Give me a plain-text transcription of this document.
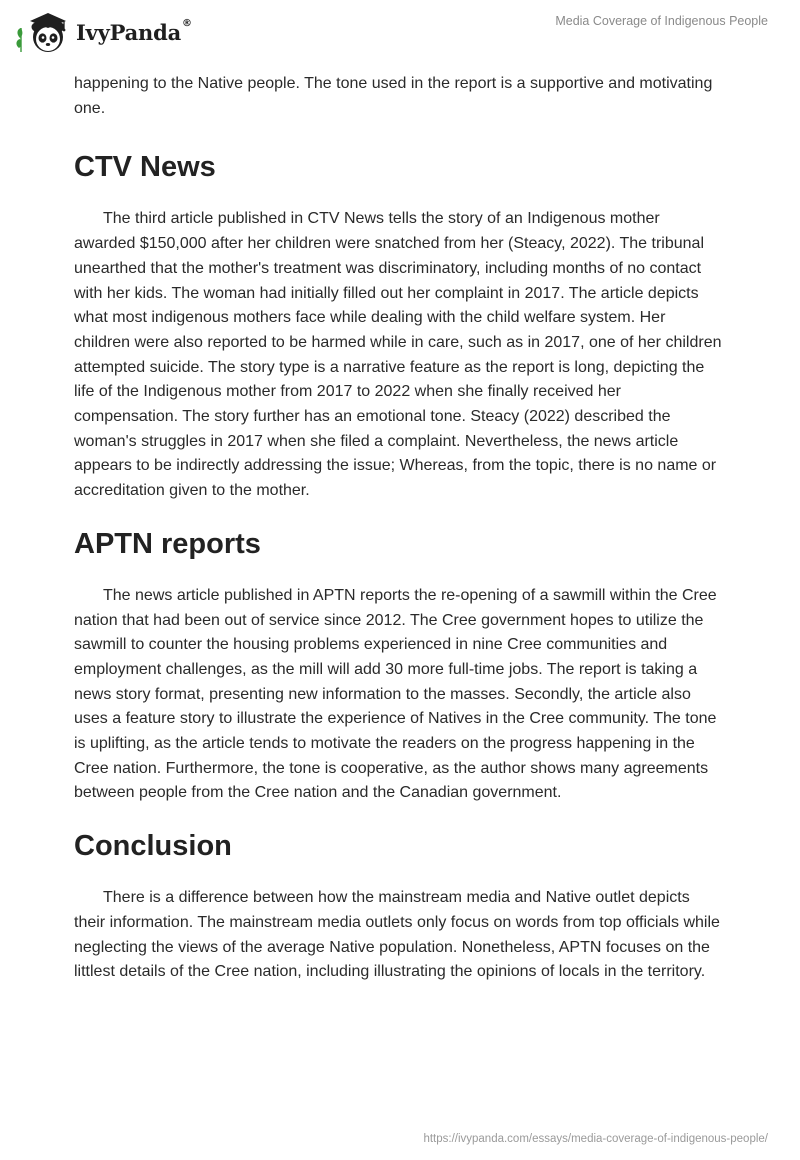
IvyPanda®	Media Coverage of Indigenous People

happening to the Native people. The tone used in the report is a supportive and motivating one.

CTV News

The third article published in CTV News tells the story of an Indigenous mother awarded $150,000 after her children were snatched from her (Steacy, 2022). The tribunal unearthed that the mother's treatment was discriminatory, including months of no contact with her kids. The woman had initially filled out her complaint in 2017. The article depicts what most indigenous mothers face while dealing with the child welfare system. Her children were also reported to be harmed while in care, such as in 2017, one of her children attempted suicide. The story type is a narrative feature as the report is long, depicting the life of the Indigenous mother from 2017 to 2022 when she finally received her compensation. The story further has an emotional tone. Steacy (2022) described the woman's struggles in 2017 when she filed a complaint. Nevertheless, the news article appears to be indirectly addressing the issue; Whereas, from the topic, there is no name or accreditation given to the mother.

APTN reports

The news article published in APTN reports the re-opening of a sawmill within the Cree nation that had been out of service since 2012. The Cree government hopes to utilize the sawmill to counter the housing problems experienced in nine Cree communities and employment challenges, as the mill will add 30 more full-time jobs. The report is taking a news story format, presenting new information to the masses. Secondly, the article also uses a feature story to illustrate the experience of Natives in the Cree community. The tone is uplifting, as the article tends to motivate the readers on the progress happening in the Cree nation. Furthermore, the tone is cooperative, as the author shows many agreements between people from the Cree nation and the Canadian government.

Conclusion

There is a difference between how the mainstream media and Native outlet depicts their information. The mainstream media outlets only focus on words from top officials while neglecting the views of the average Native population. Nonetheless, APTN focuses on the littlest details of the Cree nation, including illustrating the opinions of locals in the territory.

https://ivypanda.com/essays/media-coverage-of-indigenous-people/
